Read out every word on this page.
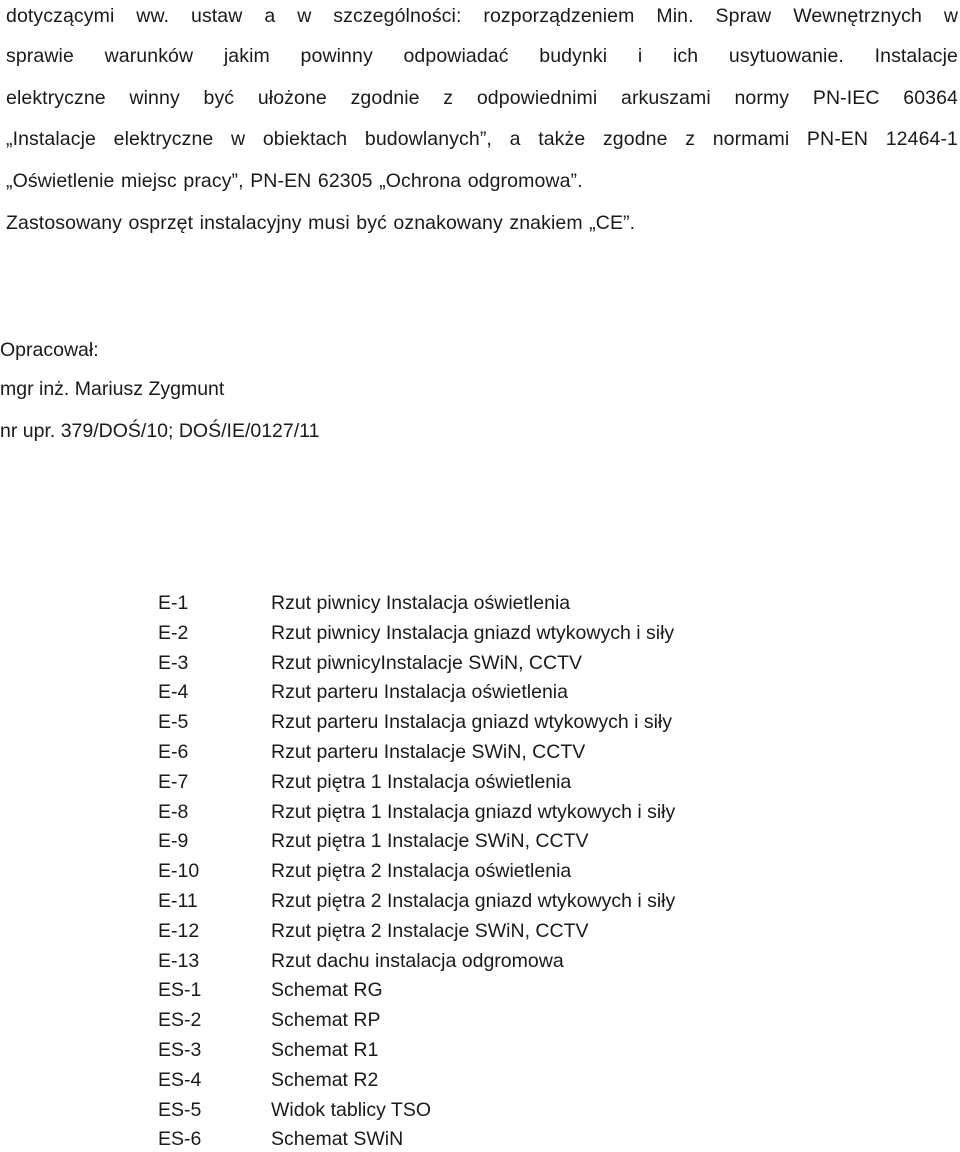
dotyczącymi ww. ustaw a w szczególności: rozporządzeniem Min. Spraw Wewnętrznych w
sprawie warunków jakim powinny odpowiadać budynki i ich usytuowanie. Instalacje
elektryczne winny być ułożone zgodnie z odpowiednimi arkuszami normy PN-IEC 60364
„Instalacje elektryczne w obiektach budowlanych”, a także zgodne z normami PN-EN 12464-1
„Oświetlenie miejsc pracy”, PN-EN 62305 „Ochrona odgromowa”.
Zastosowany osprzęt instalacyjny musi być oznakowany znakiem „CE”.
Opracował:
mgr inż. Mariusz Zygmunt
nr upr. 379/DOŚ/10; DOŚ/IE/0127/11
E-1	Rzut piwnicy Instalacja oświetlenia
E-2	Rzut piwnicy Instalacja gniazd wtykowych i siły
E-3	Rzut piwnicyInstalacje SWiN, CCTV
E-4	Rzut parteru Instalacja oświetlenia
E-5	Rzut parteru Instalacja gniazd wtykowych i siły
E-6	Rzut parteru Instalacje SWiN, CCTV
E-7	Rzut piętra 1 Instalacja oświetlenia
E-8	Rzut piętra 1 Instalacja gniazd wtykowych i siły
E-9	Rzut piętra 1 Instalacje SWiN, CCTV
E-10	Rzut piętra 2 Instalacja oświetlenia
E-11	Rzut piętra 2 Instalacja gniazd wtykowych i siły
E-12	Rzut piętra 2 Instalacje SWiN, CCTV
E-13	Rzut dachu instalacja odgromowa
ES-1	Schemat RG
ES-2	Schemat RP
ES-3	Schemat R1
ES-4	Schemat R2
ES-5	Widok tablicy TSO
ES-6	Schemat SWiN
